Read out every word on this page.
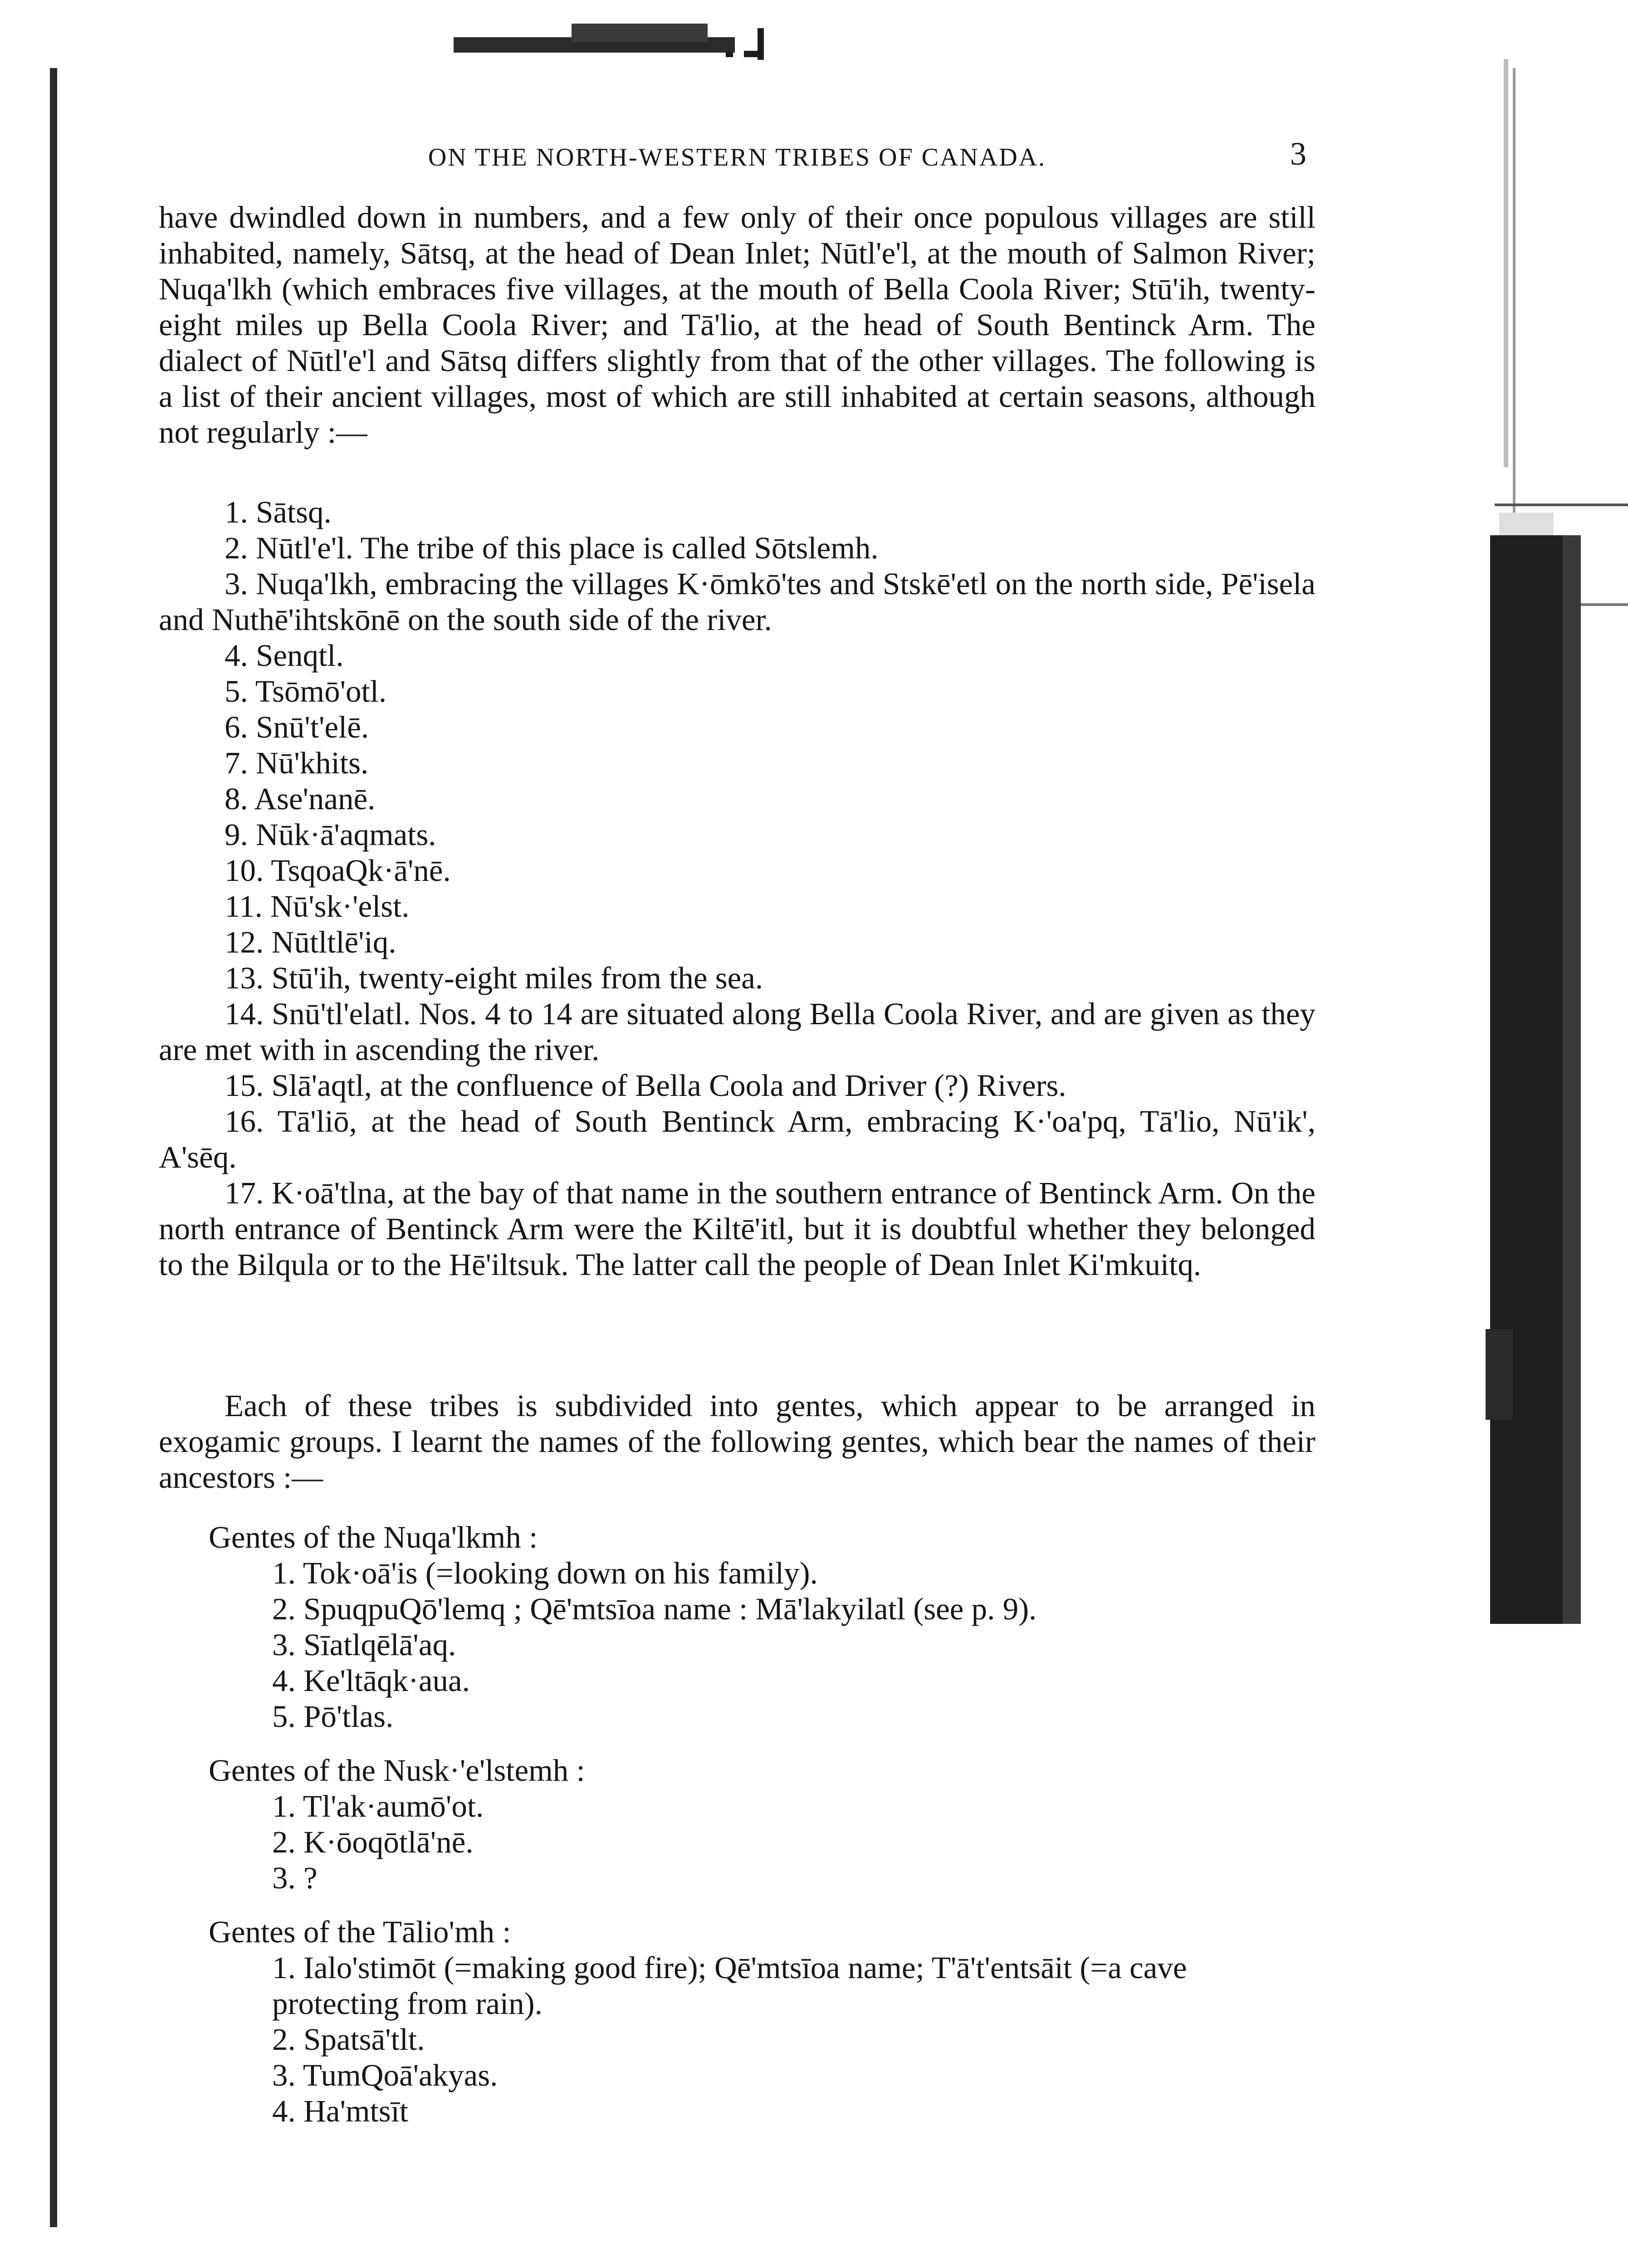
ON THE NORTH-WESTERN TRIBES OF CANADA.	3

have dwindled down in numbers, and a few only of their once populous villages are still inhabited, namely, Sātsq, at the head of Dean Inlet; Nūtl'e'l, at the mouth of Salmon River; Nuqa'lkh (which embraces five villages, at the mouth of Bella Coola River; Stū'ih, twenty-eight miles up Bella Coola River; and Tā'lio, at the head of South Bentinck Arm. The dialect of Nūtl'e'l and Sātsq differs slightly from that of the other villages. The following is a list of their ancient villages, most of which are still inhabited at certain seasons, although not regularly :—

1. Sātsq.

2. Nūtl'e'l. The tribe of this place is called Sōtslemh.

3. Nuqa'lkh, embracing the villages K·ōmkō'tes and Stskē'etl on the north side, Pē'isela and Nuthē'ihtskōnē on the south side of the river.

4. Senqtl.

5. Tsōmō'otl.

6. Snū't'elē.

7. Nū'khits.

8. Ase'nanē.

9. Nūk·ā'aqmats.

10. TsqoaQk·ā'nē.

11. Nū'sk·'elst.

12. Nūtltlē'iq.

13. Stū'ih, twenty-eight miles from the sea.

14. Snū'tl'elatl. Nos. 4 to 14 are situated along Bella Coola River, and are given as they are met with in ascending the river.

15. Slā'aqtl, at the confluence of Bella Coola and Driver (?) Rivers.

16. Tā'liō, at the head of South Bentinck Arm, embracing K·'oa'pq, Tā'lio, Nū'ik', A'sēq.

17. K·oā'tlna, at the bay of that name in the southern entrance of Bentinck Arm. On the north entrance of Bentinck Arm were the Kiltē'itl, but it is doubtful whether they belonged to the Bilqula or to the Hē'iltsuk. The latter call the people of Dean Inlet Ki'mkuitq.

Each of these tribes is subdivided into gentes, which appear to be arranged in exogamic groups. I learnt the names of the following gentes, which bear the names of their ancestors :—

Gentes of the Nuqa'lkmh :

1. Tok·oā'is (=looking down on his family).

2. SpuqpuQō'lemq ; Qē'mtsīoa name : Mā'lakyilatl (see p. 9).

3. Sīatlqēlā'aq.

4. Ke'ltāqk·aua.

5. Pō'tlas.

Gentes of the Nusk·'e'lstemh :

1. Tl'ak·aumō'ot.

2. K·ōoqōtlā'nē.

3. ?

Gentes of the Tālio'mh :

1. Ialo'stimōt (=making good fire); Qē'mtsīoa name; T'ā't'entsāit (=a cave protecting from rain).

2. Spatsā'tlt.

3. TumQoā'akyas.

4. Ha'mtsīt
